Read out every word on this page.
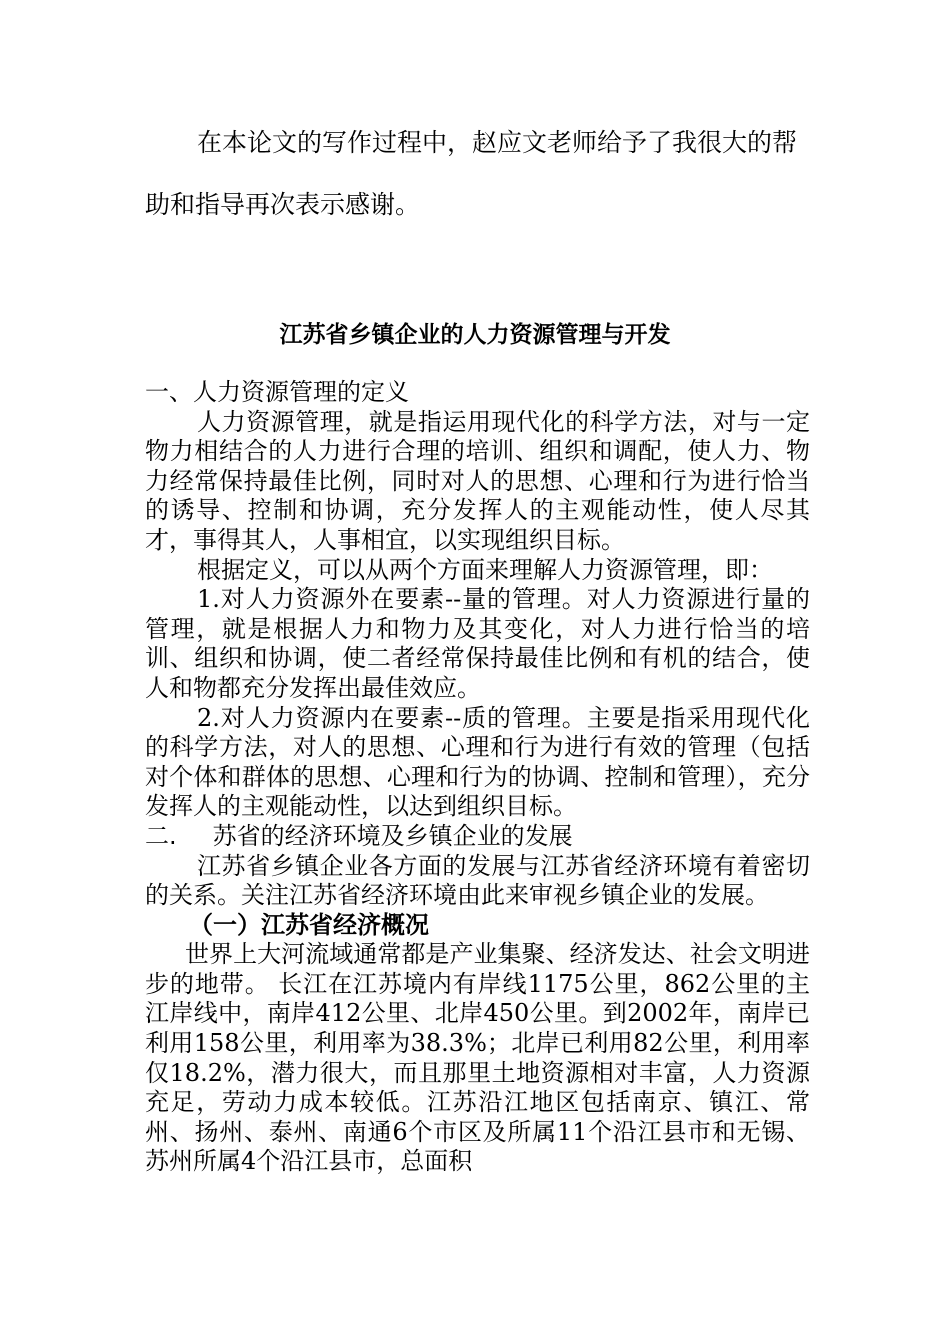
在本论文的写作过程中，赵应文老师给予了我很大的帮助和指导再次表示感谢。

江苏省乡镇企业的人力资源管理与开发
一、人力资源管理的定义

人力资源管理，就是指运用现代化的科学方法，对与一定物力相结合的人力进行合理的培训、组织和调配，使人力、物力经常保持最佳比例，同时对人的思想、心理和行为进行恰当的诱导、控制和协调，充分发挥人的主观能动性，使人尽其才，事得其人，人事相宜，以实现组织目标。

根据定义，可以从两个方面来理解人力资源管理，即：

1.对人力资源外在要素--量的管理。对人力资源进行量的管理，就是根据人力和物力及其变化，对人力进行恰当的培训、组织和协调，使二者经常保持最佳比例和有机的结合，使人和物都充分发挥出最佳效应。

2.对人力资源内在要素--质的管理。主要是指采用现代化的科学方法，对人的思想、心理和行为进行有效的管理（包括对个体和群体的思想、心理和行为的协调、控制和管理），充分发挥人的主观能动性，以达到组织目标。

二. 苏省的经济环境及乡镇企业的发展

江苏省乡镇企业各方面的发展与江苏省经济环境有着密切的关系。关注江苏省经济环境由此来审视乡镇企业的发展。

（一）江苏省经济概况

世界上大河流域通常都是产业集聚、经济发达、社会文明进步的地带。 长江在江苏境内有岸线1175公里，862公里的主江岸线中，南岸412公里、北岸450公里。到2002年，南岸已利用158公里，利用率为38.3%；北岸已利用82公里，利用率仅18.2%，潜力很大，而且那里土地资源相对丰富，人力资源充足，劳动力成本较低。江苏沿江地区包括南京、镇江、常州、扬州、泰州、南通6个市区及所属11个沿江县市和无锡、苏州所属4个沿江县市，总面积
